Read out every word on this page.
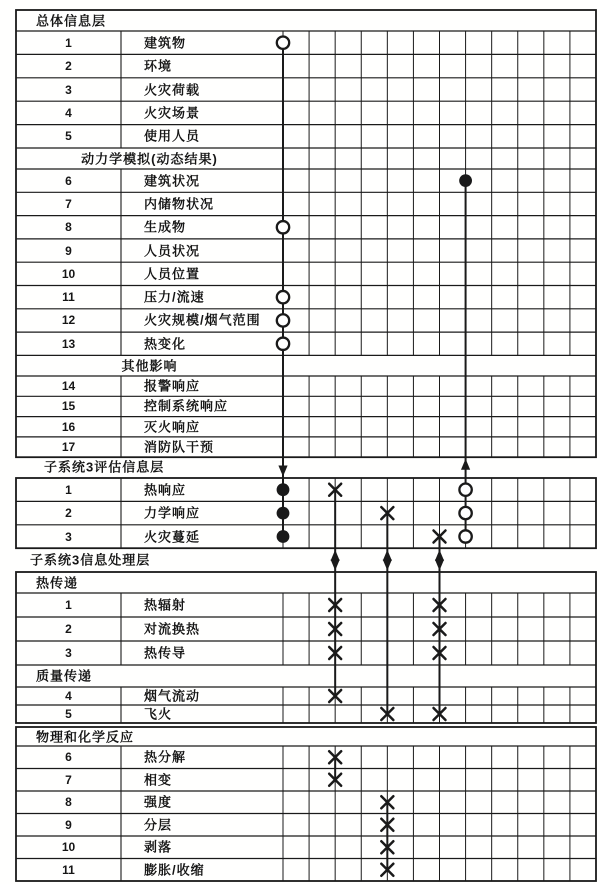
子系统3评估信息层
子系统3信息处理层
总体信息层
1	建筑物
2	环境
3	火灾荷载
4	火灾场景
5	使用人员
动力学模拟(动态结果)
6	建筑状况
7	内储物状况
8	生成物
9	人员状况
10	人员位置
11	压力/流速
12	火灾规模/烟气范围
13	热变化
其他影响
14	报警响应
15	控制系统响应
16	灭火响应
17	消防队干预
1	热响应
2	力学响应
3	火灾蔓延
热传递
1	热辐射
2	对流换热
3	热传导
质量传递
4	烟气流动
5	飞火
物理和化学反应
6	热分解
7	相变
8	强度
9	分层
10	剥落
11	膨胀/收缩
